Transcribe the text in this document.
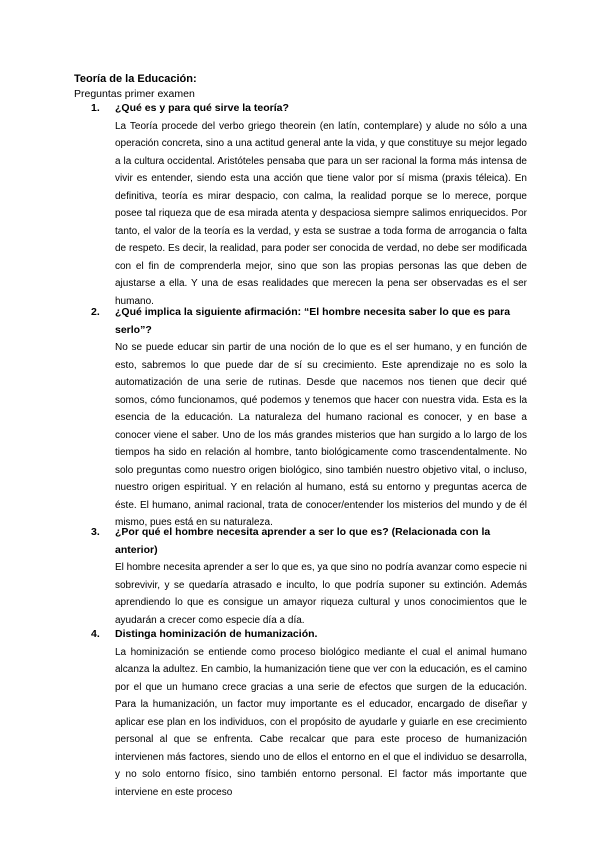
Teoría de la Educación:
Preguntas primer examen
1. ¿Qué es y para qué sirve la teoría?
La Teoría procede del verbo griego theorein (en latín, contemplare) y alude no sólo a una operación concreta, sino a una actitud general ante la vida, y que constituye su mejor legado a la cultura occidental. Aristóteles pensaba que para un ser racional la forma más intensa de vivir es entender, siendo esta una acción que tiene valor por sí misma (praxis téleica). En definitiva, teoría es mirar despacio, con calma, la realidad porque se lo merece, porque posee tal riqueza que de esa mirada atenta y despaciosa siempre salimos enriquecidos. Por tanto, el valor de la teoría es la verdad, y esta se sustrae a toda forma de arrogancia o falta de respeto. Es decir, la realidad, para poder ser conocida de verdad, no debe ser modificada con el fin de comprenderla mejor, sino que son las propias personas las que deben de ajustarse a ella. Y una de esas realidades que merecen la pena ser observadas es el ser humano.
2. ¿Qué implica la siguiente afirmación: “El hombre necesita saber lo que es para serlo”?
No se puede educar sin partir de una noción de lo que es el ser humano, y en función de esto, sabremos lo que puede dar de sí su crecimiento. Este aprendizaje no es solo la automatización de una serie de rutinas. Desde que nacemos nos tienen que decir qué somos, cómo funcionamos, qué podemos y tenemos que hacer con nuestra vida. Esta es la esencia de la educación. La naturaleza del humano racional es conocer, y en base a conocer viene el saber. Uno de los más grandes misterios que han surgido a lo largo de los tiempos ha sido en relación al hombre, tanto biológicamente como trascendentalmente. No solo preguntas como nuestro origen biológico, sino también nuestro objetivo vital, o incluso, nuestro origen espiritual. Y en relación al humano, está su entorno y preguntas acerca de éste. El humano, animal racional, trata de conocer/entender los misterios del mundo y de él mismo, pues está en su naturaleza.
3. ¿Por qué el hombre necesita aprender a ser lo que es? (Relacionada con la anterior)
El hombre necesita aprender a ser lo que es, ya que sino no podría avanzar como especie ni sobrevivir, y se quedaría atrasado e inculto, lo que podría suponer su extinción. Además aprendiendo lo que es consigue un amayor riqueza cultural y unos conocimientos que le ayudarán a crecer como especie día a día.
4. Distinga hominización de humanización.
La hominización se entiende como proceso biológico mediante el cual el animal humano alcanza la adultez. En cambio, la humanización tiene que ver con la educación, es el camino por el que un humano crece gracias a una serie de efectos que surgen de la educación. Para la humanización, un factor muy importante es el educador, encargado de diseñar y aplicar ese plan en los individuos, con el propósito de ayudarle y guiarle en ese crecimiento personal al que se enfrenta. Cabe recalcar que para este proceso de humanización intervienen más factores, siendo uno de ellos el entorno en el que el individuo se desarrolla, y no solo entorno físico, sino también entorno personal. El factor más importante que interviene en este proceso
